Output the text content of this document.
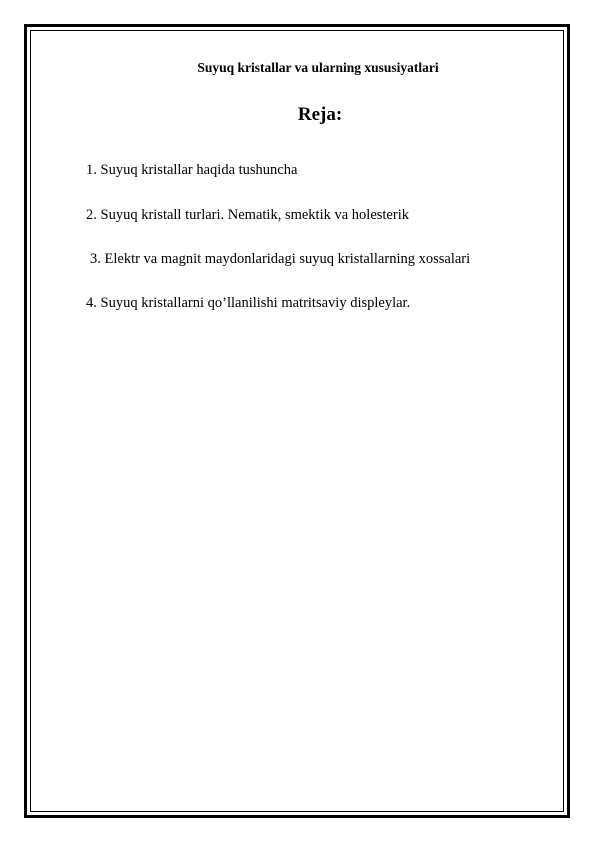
Suyuq kristallar va ularning xususiyatlari
Reja:
1. Suyuq kristallar haqida tushuncha
2. Suyuq kristall turlari. Nematik, smektik va holesterik
3. Elektr va magnit maydonlaridagi suyuq kristallarning xossalari
4. Suyuq kristallarni qo’llanilishi matritsaviy displeylar.
